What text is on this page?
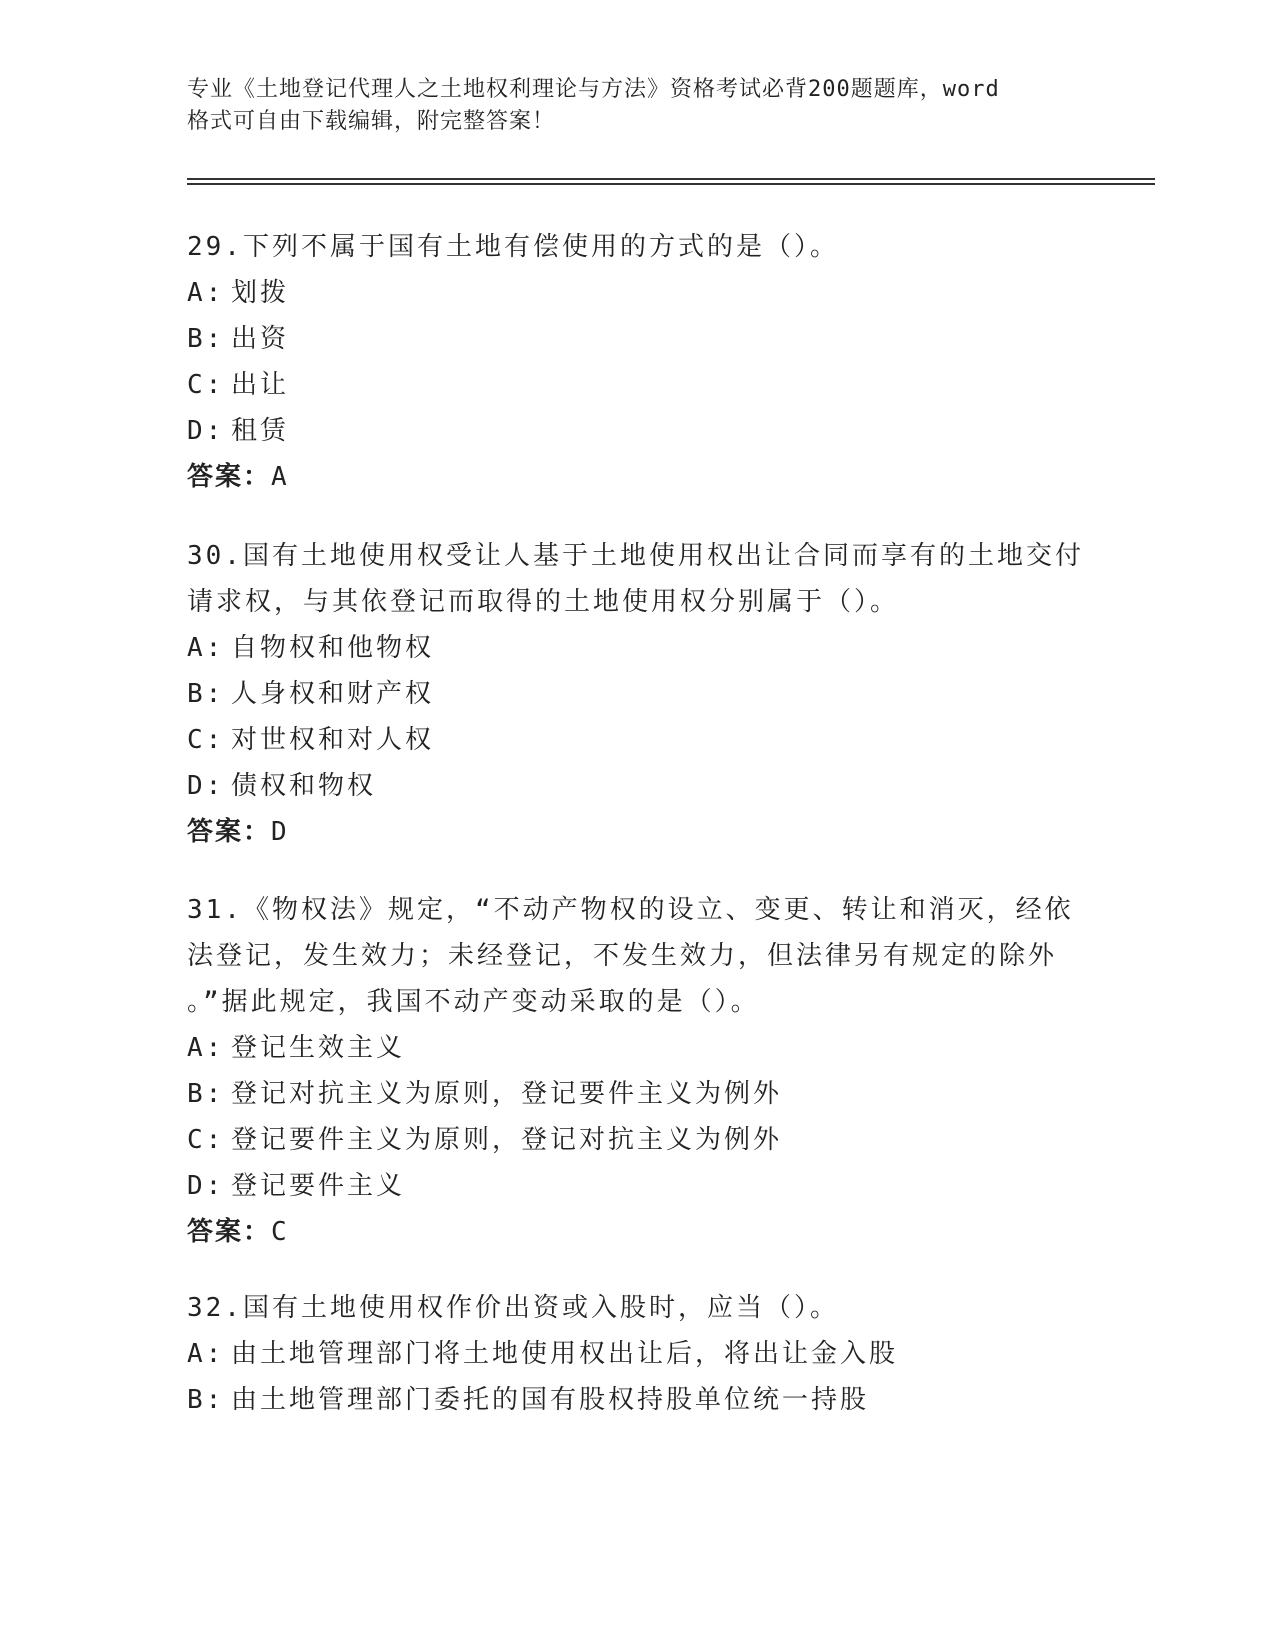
专业《土地登记代理人之土地权利理论与方法》资格考试必背200题题库，word
格式可自由下载编辑，附完整答案！

29.下列不属于国有土地有偿使用的方式的是（）。

A: 划拨

B: 出资

C: 出让

D: 租赁

答案：A

30.国有土地使用权受让人基于土地使用权出让合同而享有的土地交付

请求权，与其依登记而取得的土地使用权分别属于（）。

A: 自物权和他物权

B: 人身权和财产权

C: 对世权和对人权

D: 债权和物权

答案：D

31.《物权法》规定，“不动产物权的设立、变更、转让和消灭，经依

法登记，发生效力；未经登记，不发生效力，但法律另有规定的除外

。”据此规定，我国不动产变动采取的是（）。

A: 登记生效主义

B: 登记对抗主义为原则，登记要件主义为例外

C: 登记要件主义为原则，登记对抗主义为例外

D: 登记要件主义

答案：C

32.国有土地使用权作价出资或入股时，应当（）。

A: 由土地管理部门将土地使用权出让后，将出让金入股

B: 由土地管理部门委托的国有股权持股单位统一持股
